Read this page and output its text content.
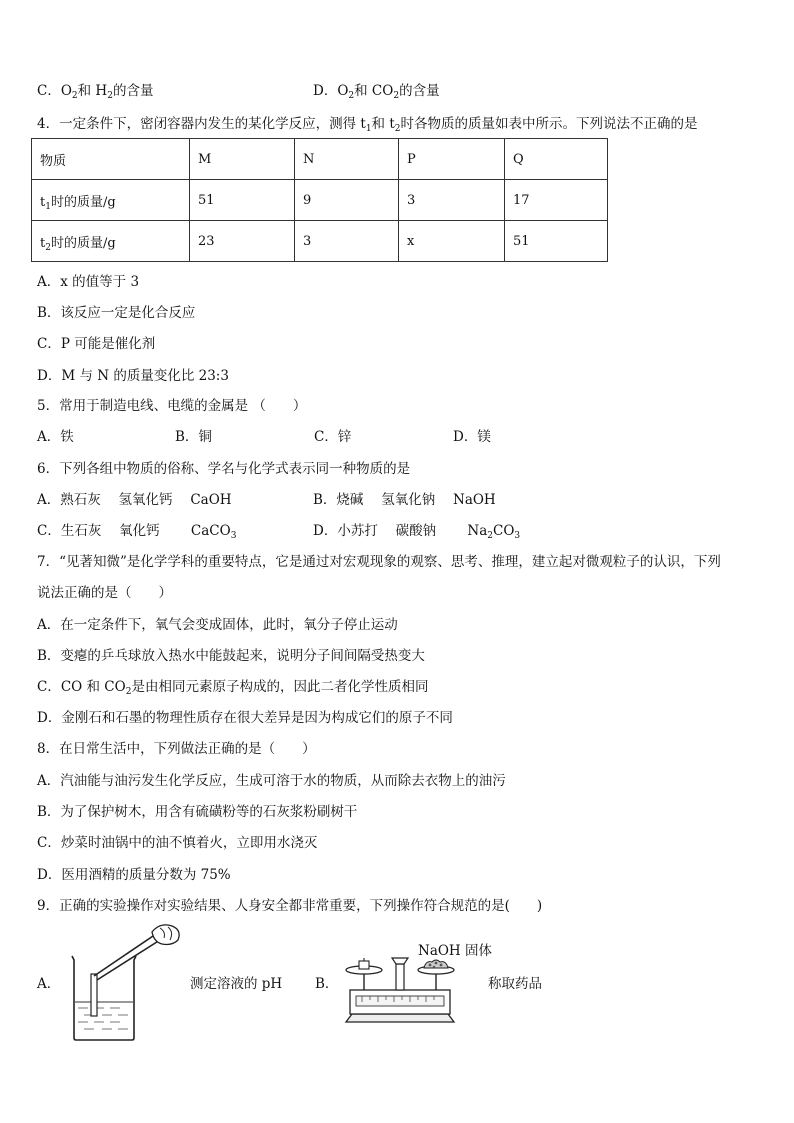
C．$O_2$和 $H_2$的含量	D．$O_2$和 $CO_2$的含量
4．一定条件下，密闭容器内发生的某化学反应，测得 $t_1$和 $t_2$时各物质的质量如表中所示。下列说法不正确的是
物质	M	N	P	Q
$t_1$时的质量/g	51	9	3	17
$t_2$时的质量/g	23	3	x	51
A．x 的值等于 3
B．该反应一定是化合反应
C．P 可能是催化剂
D．M 与 N 的质量变化比 23:3
5．常用于制造电线、电缆的金属是 （　　）
A．铁	B．铜	C．锌	D．镁
6．下列各组中物质的俗称、学名与化学式表示同一种物质的是
A．熟石灰　 氢氧化钙　 CaOH	B．烧碱　 氢氧化钠　 NaOH
C．生石灰　 氧化钙　　 CaCO$_3$	D．小苏打　 碳酸钠　　 $Na_2CO_3$
7．“见著知微”是化学学科的重要特点，它是通过对宏观现象的观察、思考、推理，建立起对微观粒子的认识，下列
说法正确的是（　　）
A．在一定条件下，氧气会变成固体，此时，氧分子停止运动
B．变瘪的乒乓球放入热水中能鼓起来，说明分子间间隔受热变大
C．CO 和 $CO_2$是由相同元素原子构成的，因此二者化学性质相同
D．金刚石和石墨的物理性质存在很大差异是因为构成它们的原子不同
8．在日常生活中，下列做法正确的是（　　）
A．汽油能与油污发生化学反应，生成可溶于水的物质，从而除去衣物上的油污
B．为了保护树木，用含有硫磺粉等的石灰浆粉刷树干
C．炒菜时油锅中的油不慎着火，立即用水浇灭
D．医用酒精的质量分数为 75%
9．正确的实验操作对实验结果、人身安全都非常重要，下列操作符合规范的是(　　)
A．	测定溶液的 pH B．
NaOH 固体
称取药品
